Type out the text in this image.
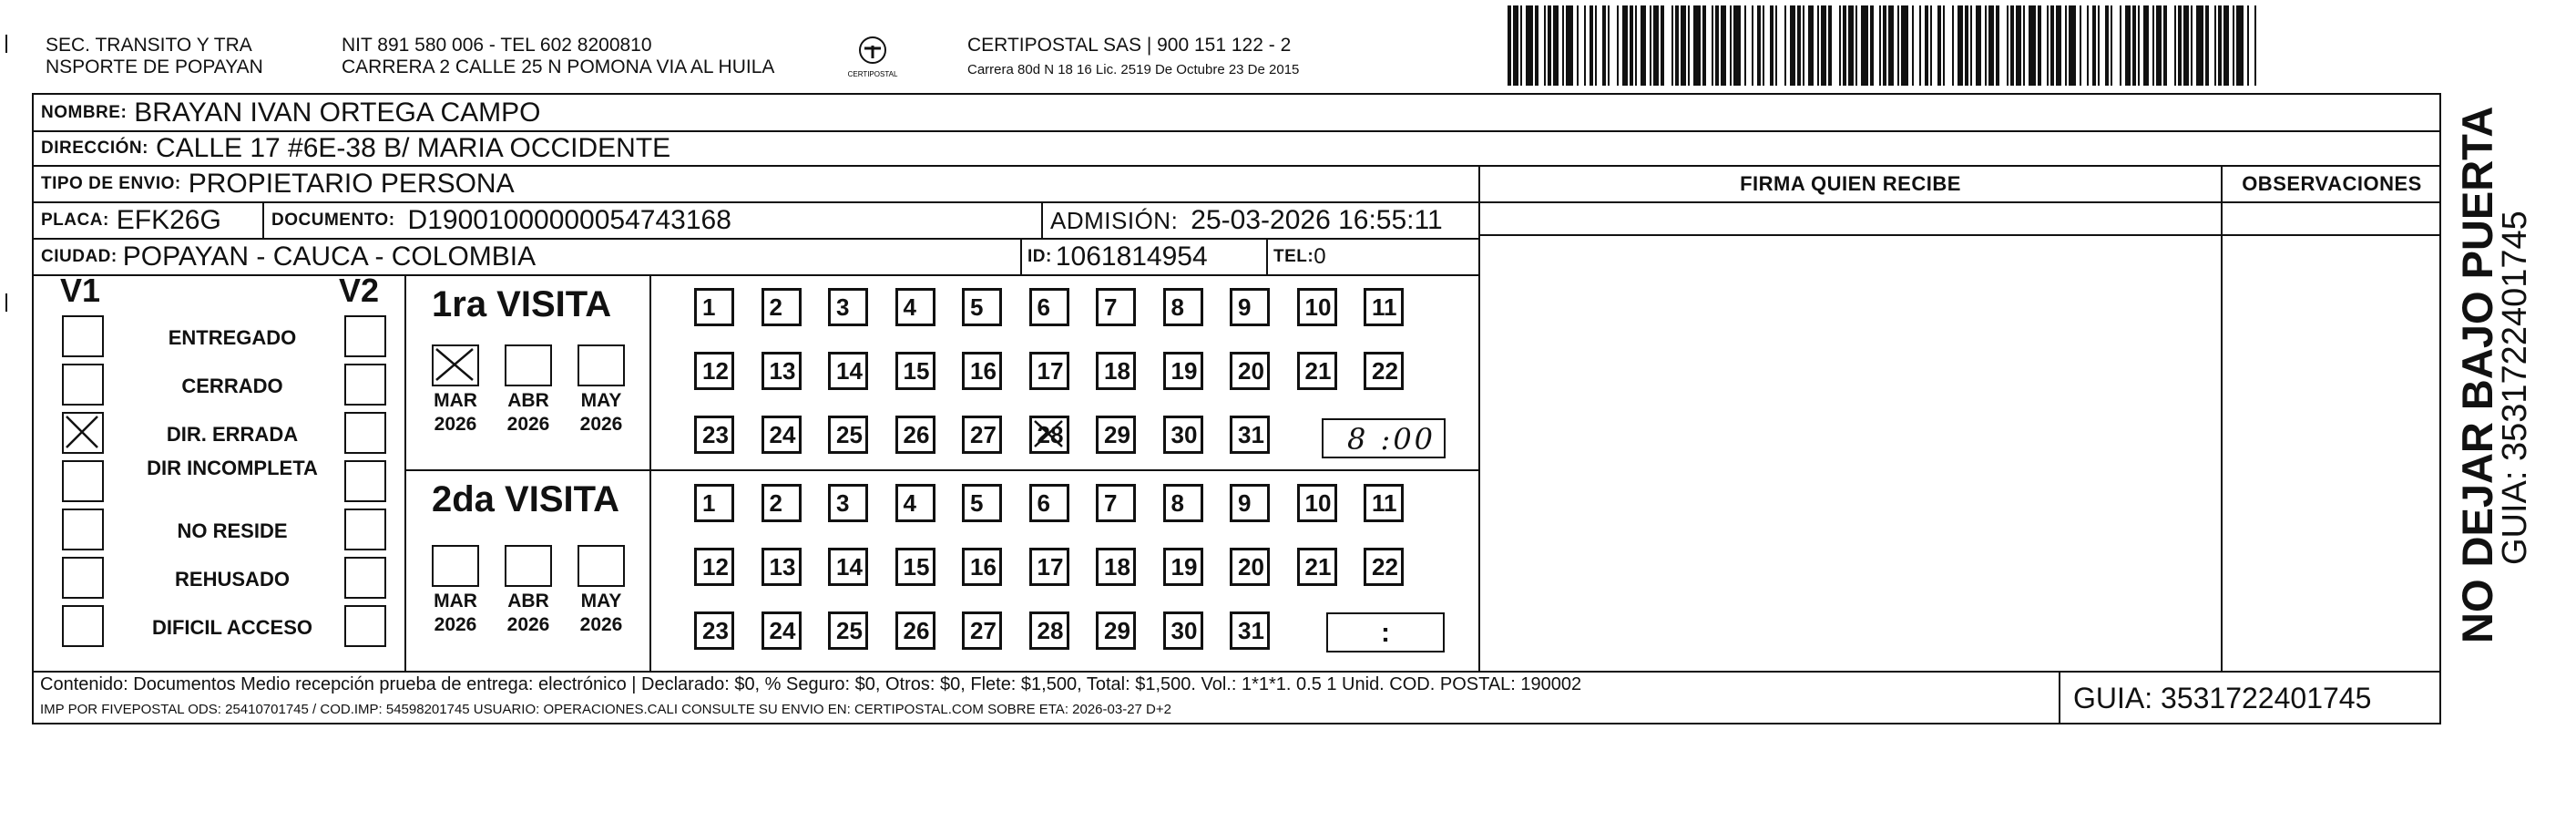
SEC. TRANSITO Y TRA
NSPORTE DE POPAYAN
NIT 891 580 006 - TEL 602 8200810
CARRERA 2 CALLE 25 N POMONA VIA AL HUILA	CERTIPOSTAL
CERTIPOSTAL SAS | 900 151 122 - 2
Carrera 80d N 18 16 Lic. 2519 De Octubre 23 De 2015
NOMBRE: BRAYAN IVAN ORTEGA CAMPO
DIRECCIÓN: CALLE 17 #6E-38 B/ MARIA OCCIDENTE
TIPO DE ENVIO: PROPIETARIO PERSONA	FIRMA QUIEN RECIBE	OBSERVACIONES
PLACA: EFK26G	DOCUMENTO: D19001000000054743168	ADMISIÓN: 25-03-2026 16:55:11
CIUDAD: POPAYAN - CAUCA - COLOMBIA	ID: 1061814954	TEL: 0
V1	V2
ENTREGADO
CERRADO
DIR. ERRADA
DIR INCOMPLETA
NO RESIDE
REHUSADO
DIFICIL ACCESO
1ra VISITA
2da VISITA
MAR
2026
ABR
2026
MAY
2026
MAR
2026
ABR
2026
MAY
2026
1	2	3	4	5	6	7	8	9	10	11
12	13	14	15	16	17	18	19	20	21	22
23	24	25	26	27	28	29	30	31
1	2	3	4	5	6	7	8	9	10	11
12	13	14	15	16	17	18	19	20	21	22
23	24	25	26	27	28	29	30	31
8 :00
:	NO DEJAR BAJO PUERTA
GUIA: 3531722401745
Contenido: Documentos Medio recepción prueba de entrega: electrónico | Declarado: $0, % Seguro: $0, Otros: $0, Flete: $1,500, Total: $1,500. Vol.: 1*1*1. 0.5 1 Unid. COD. POSTAL: 190002
IMP POR FIVEPOSTAL ODS: 25410701745 / COD.IMP: 54598201745 USUARIO: OPERACIONES.CALI CONSULTE SU ENVIO EN: CERTIPOSTAL.COM SOBRE ETA: 2026-03-27 D+2	GUIA: 3531722401745
